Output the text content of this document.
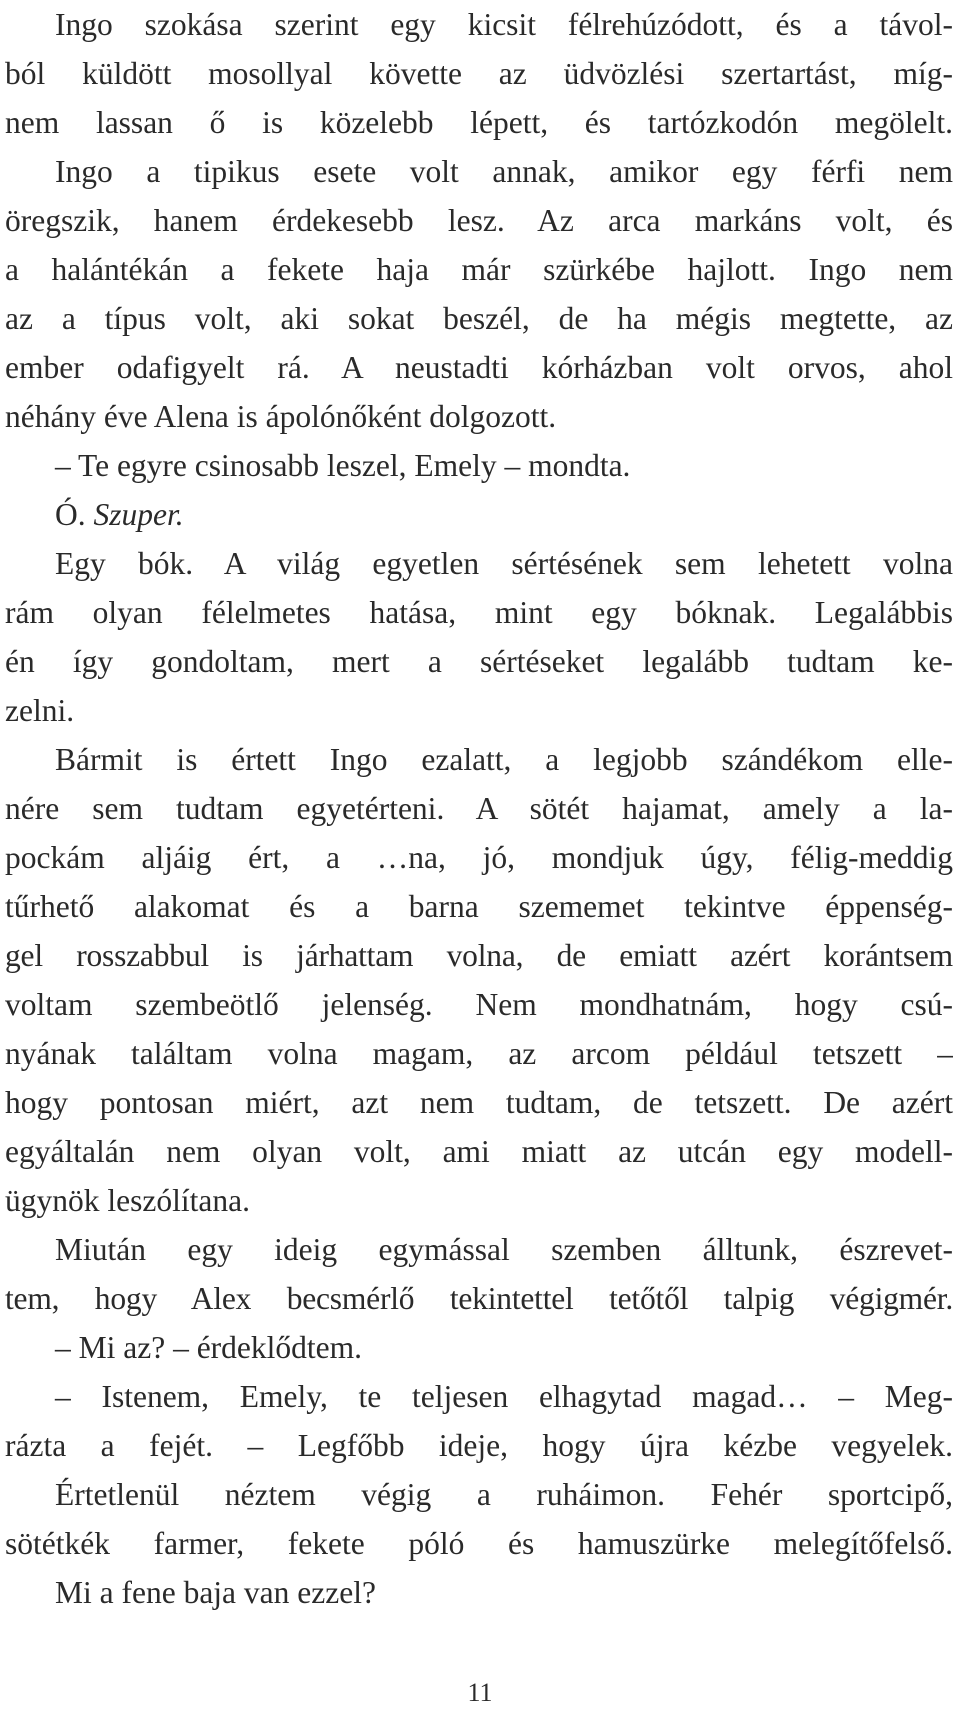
Ingo szokása szerint egy kicsit félrehúzódott, és a távol-
ból küldött mosollyal követte az üdvözlési szertartást, míg-
nem lassan ő is közelebb lépett, és tartózkodón megölelt.
Ingo a tipikus esete volt annak, amikor egy férfi nem
öregszik, hanem érdekesebb lesz. Az arca markáns volt, és
a halántékán a fekete haja már szürkébe hajlott. Ingo nem
az a típus volt, aki sokat beszél, de ha mégis megtette, az
ember odafigyelt rá. A neustadti kórházban volt orvos, ahol
néhány éve Alena is ápolónőként dolgozott.
– Te egyre csinosabb leszel, Emely – mondta.
Ó. Szuper.
Egy bók. A világ egyetlen sértésének sem lehetett volna
rám olyan félelmetes hatása, mint egy bóknak. Legalábbis
én így gondoltam, mert a sértéseket legalább tudtam ke-
zelni.
Bármit is értett Ingo ezalatt, a legjobb szándékom elle-
nére sem tudtam egyetérteni. A sötét hajamat, amely a la-
pockám aljáig ért, a …na, jó, mondjuk úgy, félig-meddig
tűrhető alakomat és a barna szememet tekintve éppenség-
gel rosszabbul is járhattam volna, de emiatt azért korántsem
voltam szembeötlő jelenség. Nem mondhatnám, hogy csú-
nyának találtam volna magam, az arcom például tetszett –
hogy pontosan miért, azt nem tudtam, de tetszett. De azért
egyáltalán nem olyan volt, ami miatt az utcán egy modell-
ügynök leszólítana.
Miután egy ideig egymással szemben álltunk, észrevet-
tem, hogy Alex becsmérlő tekintettel tetőtől talpig végigmér.
– Mi az? – érdeklődtem.
– Istenem, Emely, te teljesen elhagytad magad… – Meg-
rázta a fejét. – Legfőbb ideje, hogy újra kézbe vegyelek.
Értetlenül néztem végig a ruháimon. Fehér sportcipő,
sötétkék farmer, fekete póló és hamuszürke melegítőfelső.
Mi a fene baja van ezzel?
11
